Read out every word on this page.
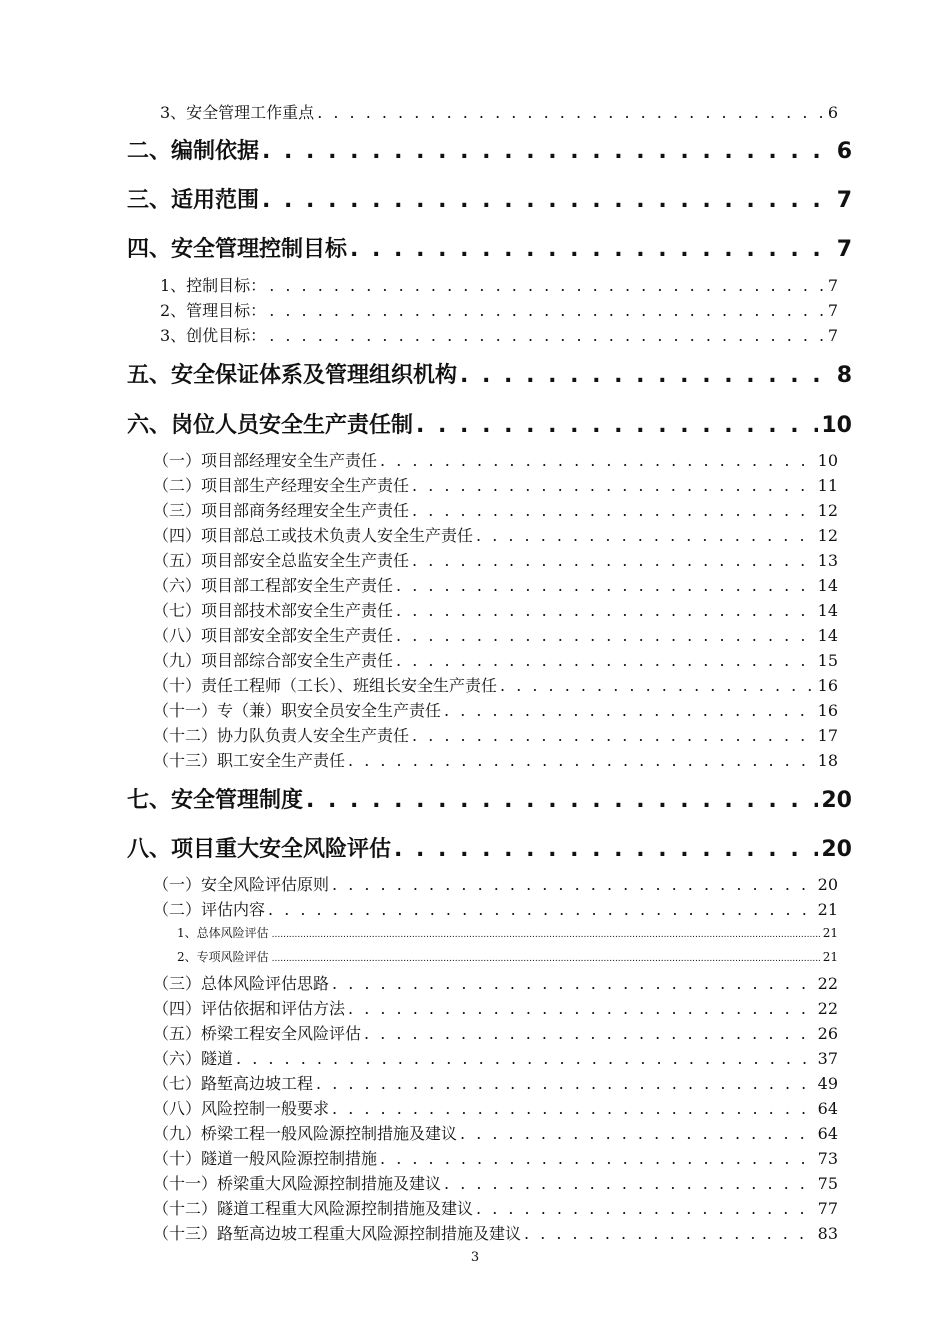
3、安全管理工作重点 . . .	6
二、编制依据 . . .	6
三、适用范围 . . .	7
四、安全管理控制目标 . . .	7
1、控制目标： . . .	7
2、管理目标： . . .	7
3、创优目标： . . .	7
五、安全保证体系及管理组织机构 . . .	8
六、岗位人员安全生产责任制 . . .	10
（一）项目部经理安全生产责任 . . .	10
（二）项目部生产经理安全生产责任 . . .	11
（三）项目部商务经理安全生产责任 . . .	12
（四）项目部总工或技术负责人安全生产责任 . . .	12
（五）项目部安全总监安全生产责任 . . .	13
（六）项目部工程部安全生产责任 . . .	14
（七）项目部技术部安全生产责任 . . .	14
（八）项目部安全部安全生产责任 . . .	14
（九）项目部综合部安全生产责任 . . .	15
（十）责任工程师（工长）、班组长安全生产责任 . . .	16
（十一）专（兼）职安全员安全生产责任 . . .	16
（十二）协力队负责人安全生产责任 . . .	17
（十三）职工安全生产责任 . . .	18
七、安全管理制度 . . .	20
八、项目重大安全风险评估 . . .	20
（一）安全风险评估原则 . . .	20
（二）评估内容 . . .	21
1、总体风险评估 .....	21
2、专项风险评估 .....	21
（三）总体风险评估思路 . . .	22
（四）评估依据和评估方法 . . .	22
（五）桥梁工程安全风险评估 . . .	26
（六）隧道 . . .	37
（七）路堑高边坡工程 . . .	49
（八）风险控制一般要求 . . .	64
（九）桥梁工程一般风险源控制措施及建议 . . .	64
（十）隧道一般风险源控制措施 . . .	73
（十一）桥梁重大风险源控制措施及建议 . . .	75
（十二）隧道工程重大风险源控制措施及建议 . . .	77
（十三）路堑高边坡工程重大风险源控制措施及建议 . . .	83
3
